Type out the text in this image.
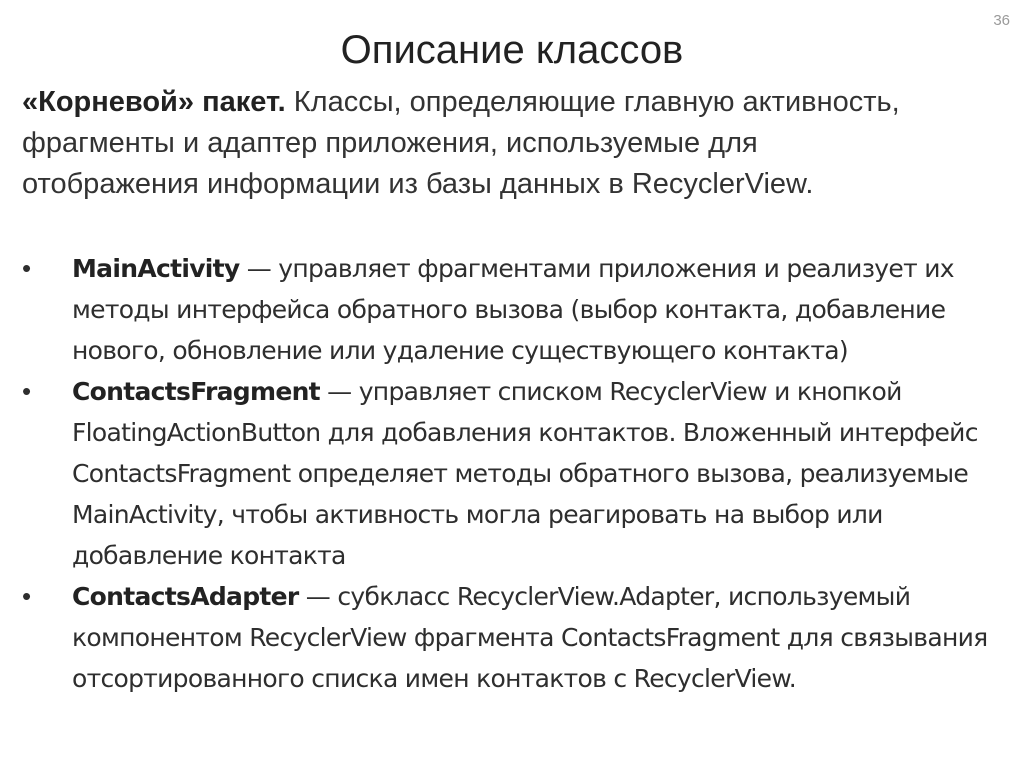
36
Описание классов

«Корневой» пакет. Классы, определяющие главную активность, фрагменты и адаптер приложения, используемые для отображения информации из базы данных в RecyclerView.

• MainActivity — управляет фрагментами приложения и реализует их методы интерфейса обратного вызова (выбор контакта, добавление нового, обновление или удаление существующего контакта)
• ContactsFragment — управляет списком RecyclerView и кнопкой FloatingActionButton для добавления контактов. Вложенный интерфейс ContactsFragment определяет методы обратного вызова, реализуемые MainActivity, чтобы активность могла реагировать на выбор или добавление контакта
• ContactsAdapter — субкласс RecyclerView.Adapter, используемый компонентом RecyclerView фрагмента ContactsFragment для связывания отсортированного списка имен контактов с RecyclerView.
